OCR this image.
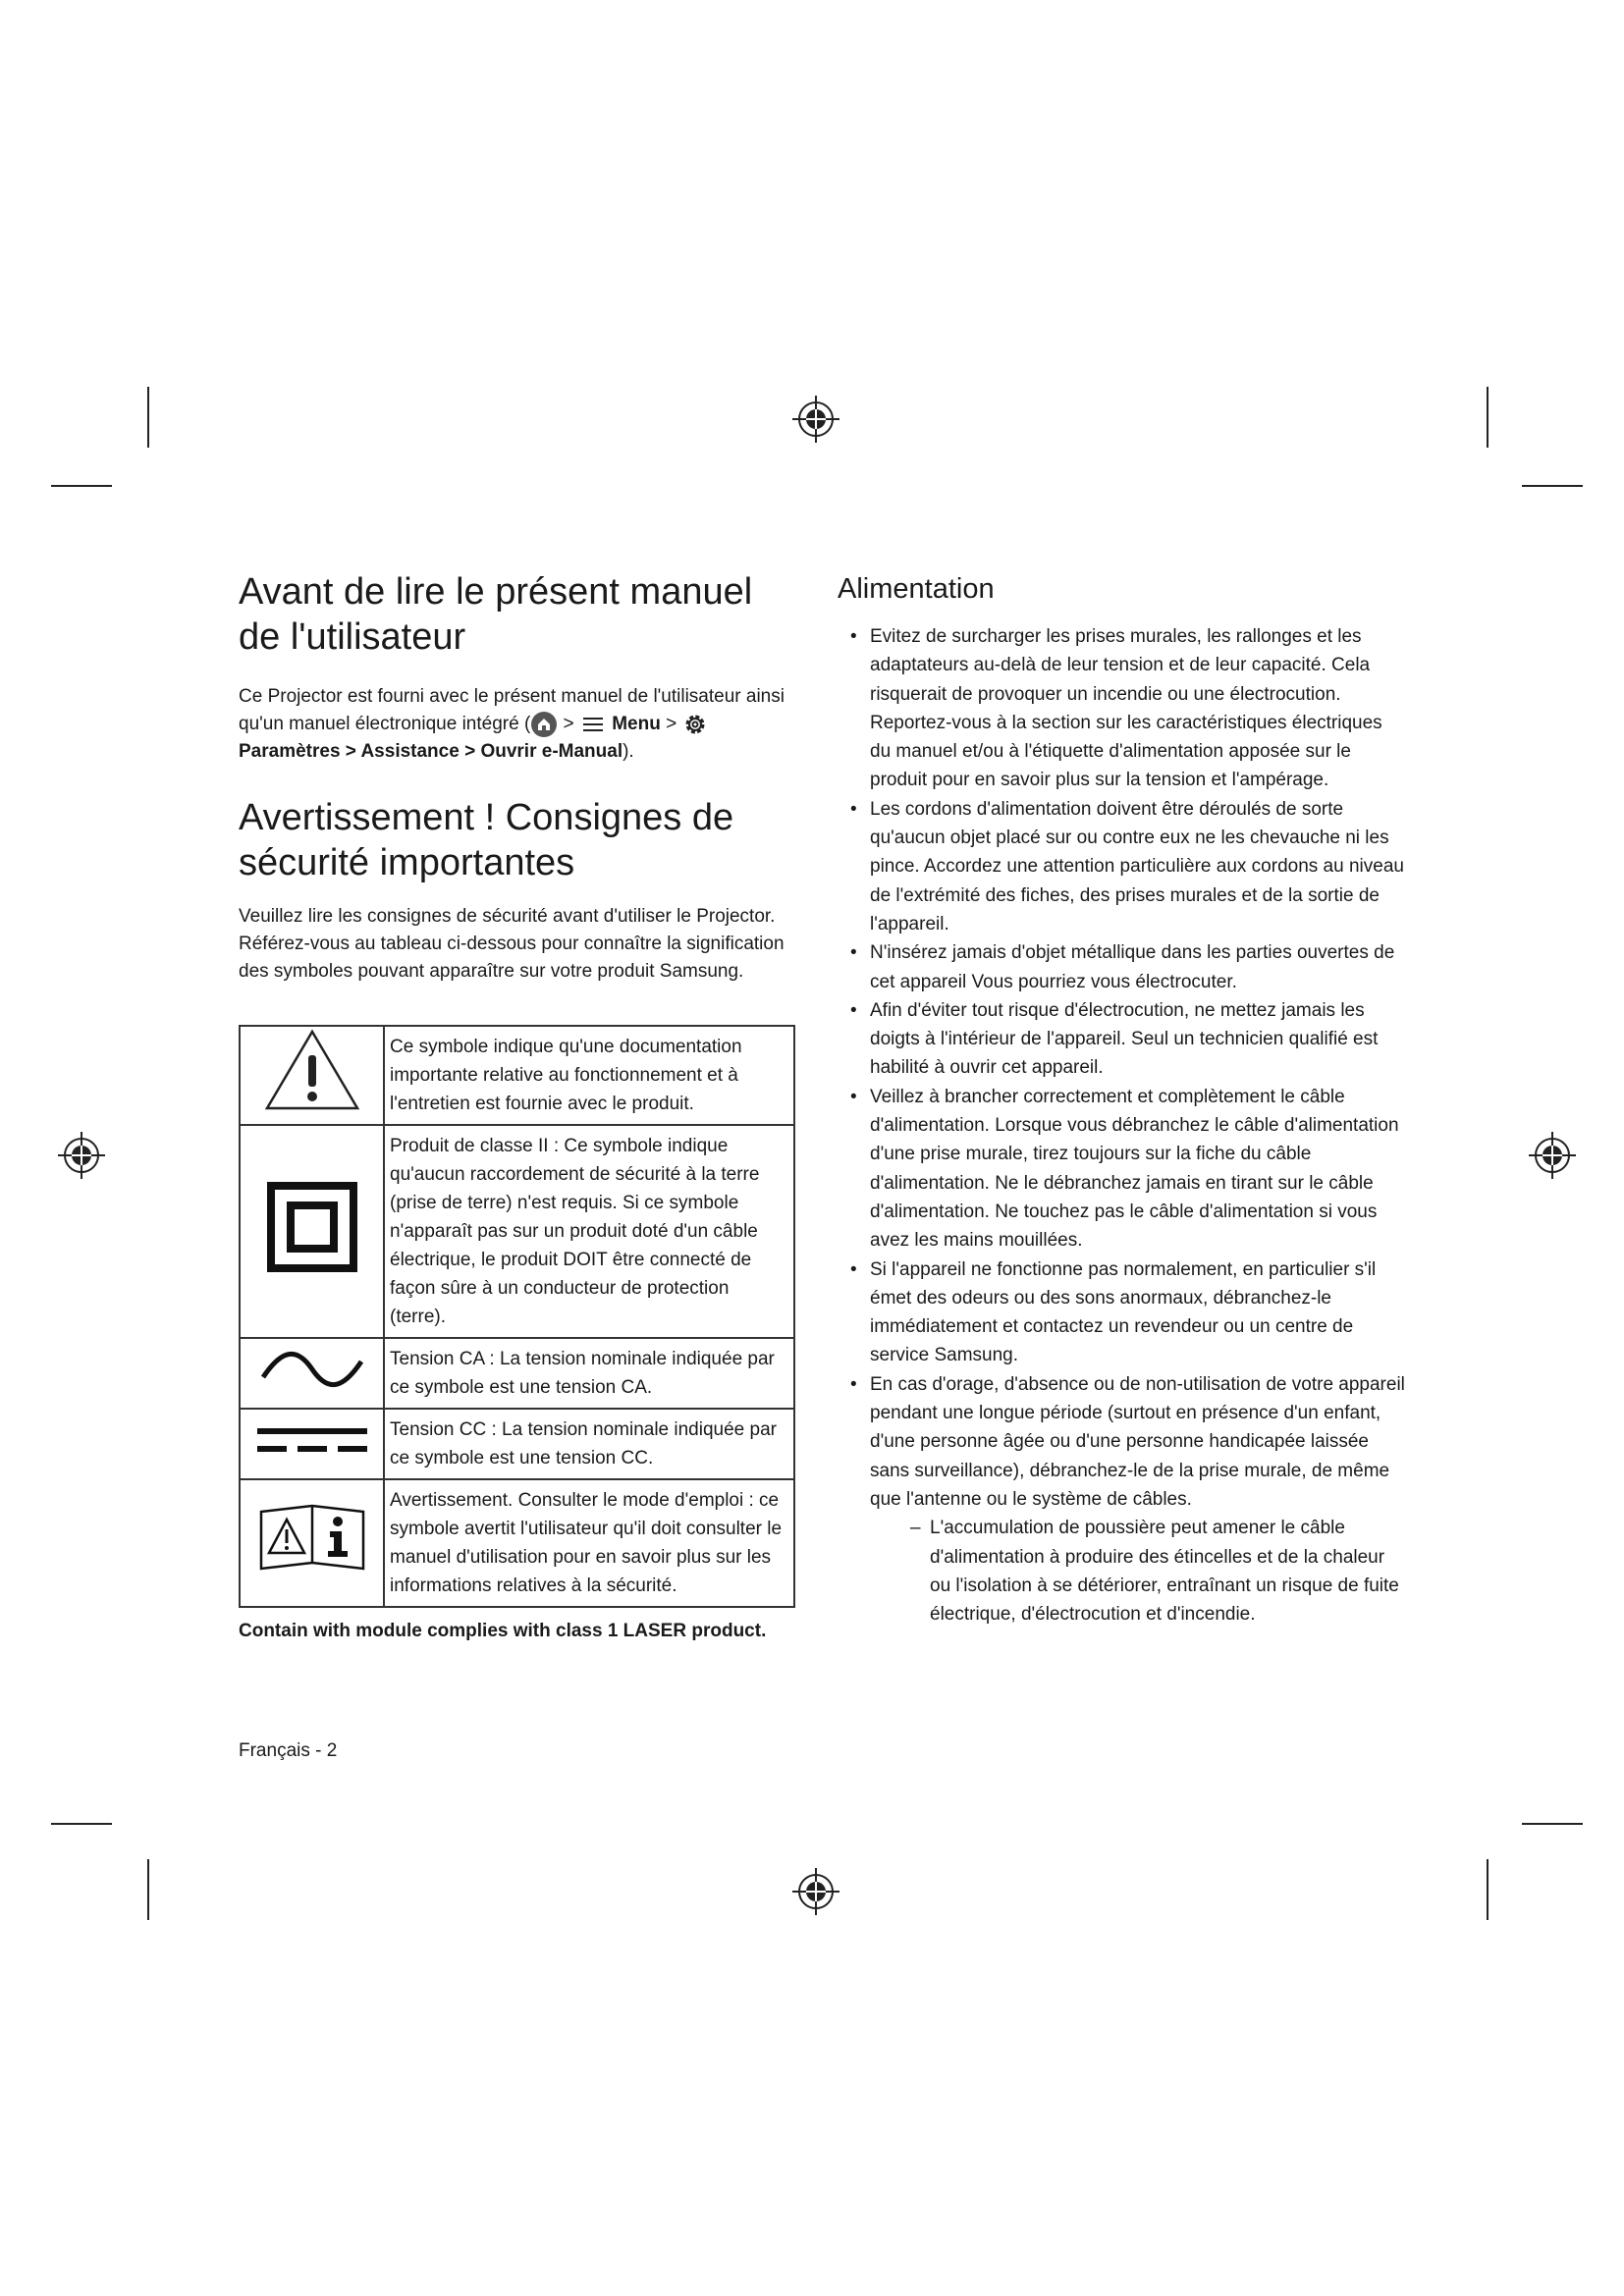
Avant de lire le présent manuel de l'utilisateur

Ce Projector est fourni avec le présent manuel de l'utilisateur ainsi qu'un manuel électronique intégré ( >  Menu >
Paramètres > Assistance > Ouvrir e-Manual).

Avertissement ! Consignes de sécurité importantes

Veuillez lire les consignes de sécurité avant d'utiliser le Projector. Référez-vous au tableau ci-dessous pour connaître la signification des symboles pouvant apparaître sur votre produit Samsung.

	Ce symbole indique qu'une documentation importante relative au fonctionnement et à l'entretien est fournie avec le produit.
	Produit de classe II : Ce symbole indique qu'aucun raccordement de sécurité à la terre (prise de terre) n'est requis. Si ce symbole n'apparaît pas sur un produit doté d'un câble électrique, le produit DOIT être connecté de façon sûre à un conducteur de protection (terre).
	Tension CA : La tension nominale indiquée par ce symbole est une tension CA.
	Tension CC : La tension nominale indiquée par ce symbole est une tension CC.
	Avertissement. Consulter le mode d'emploi : ce symbole avertit l'utilisateur qu'il doit consulter le manuel d'utilisation pour en savoir plus sur les informations relatives à la sécurité.
Contain with module complies with class 1 LASER product.
Alimentation
• Evitez de surcharger les prises murales, les rallonges et les adaptateurs au-delà de leur tension et de leur capacité. Cela risquerait de provoquer un incendie ou une électrocution. Reportez-vous à la section sur les caractéristiques électriques du manuel et/ou à l'étiquette d'alimentation apposée sur le produit pour en savoir plus sur la tension et l'ampérage.
• Les cordons d'alimentation doivent être déroulés de sorte qu'aucun objet placé sur ou contre eux ne les chevauche ni les pince. Accordez une attention particulière aux cordons au niveau de l'extrémité des fiches, des prises murales et de la sortie de l'appareil.
• N'insérez jamais d'objet métallique dans les parties ouvertes de cet appareil Vous pourriez vous électrocuter.
• Afin d'éviter tout risque d'électrocution, ne mettez jamais les doigts à l'intérieur de l'appareil. Seul un technicien qualifié est habilité à ouvrir cet appareil.
• Veillez à brancher correctement et complètement le câble d'alimentation. Lorsque vous débranchez le câble d'alimentation d'une prise murale, tirez toujours sur la fiche du câble d'alimentation. Ne le débranchez jamais en tirant sur le câble d'alimentation. Ne touchez pas le câble d'alimentation si vous avez les mains mouillées.
• Si l'appareil ne fonctionne pas normalement, en particulier s'il émet des odeurs ou des sons anormaux, débranchez-le immédiatement et contactez un revendeur ou un centre de service Samsung.
• En cas d'orage, d'absence ou de non-utilisation de votre appareil pendant une longue période (surtout en présence d'un enfant, d'une personne âgée ou d'une personne handicapée laissée sans surveillance), débranchez-le de la prise murale, de même que l'antenne ou le système de câbles.
– L'accumulation de poussière peut amener le câble d'alimentation à produire des étincelles et de la chaleur ou l'isolation à se détériorer, entraînant un risque de fuite électrique, d'électrocution et d'incendie.
Français - 2
